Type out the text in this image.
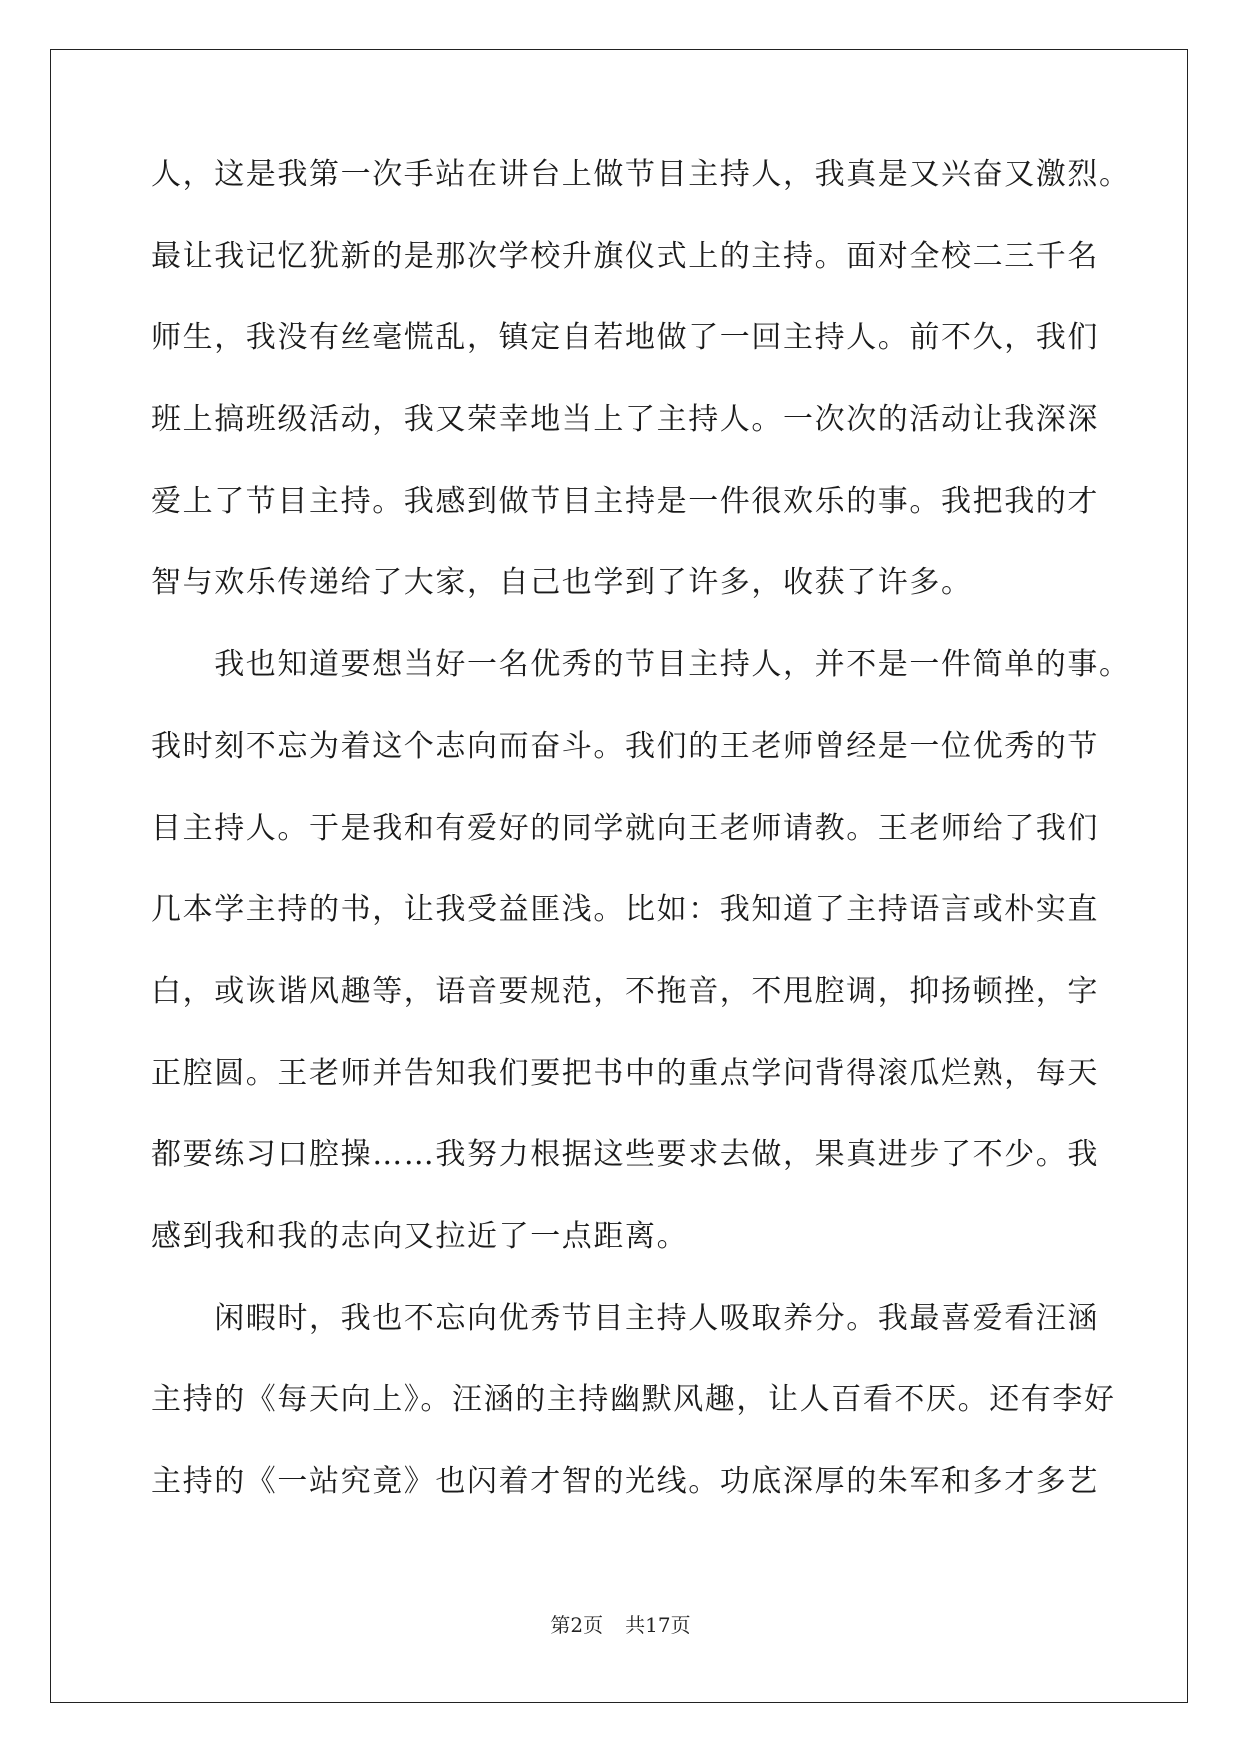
人，这是我第一次手站在讲台上做节目主持人，我真是又兴奋又激烈。
最让我记忆犹新的是那次学校升旗仪式上的主持。面对全校二三千名
师生，我没有丝毫慌乱，镇定自若地做了一回主持人。前不久，我们
班上搞班级活动，我又荣幸地当上了主持人。一次次的活动让我深深
爱上了节目主持。我感到做节目主持是一件很欢乐的事。我把我的才
智与欢乐传递给了大家，自己也学到了许多，收获了许多。
　　我也知道要想当好一名优秀的节目主持人，并不是一件简单的事。
我时刻不忘为着这个志向而奋斗。我们的王老师曾经是一位优秀的节
目主持人。于是我和有爱好的同学就向王老师请教。王老师给了我们
几本学主持的书，让我受益匪浅。比如：我知道了主持语言或朴实直
白，或诙谐风趣等，语音要规范，不拖音，不甩腔调，抑扬顿挫，字
正腔圆。王老师并告知我们要把书中的重点学问背得滚瓜烂熟，每天
都要练习口腔操……我努力根据这些要求去做，果真进步了不少。我
感到我和我的志向又拉近了一点距离。
　　闲暇时，我也不忘向优秀节目主持人吸取养分。我最喜爱看汪涵
主持的《每天向上》。汪涵的主持幽默风趣，让人百看不厌。还有李好
主持的《一站究竟》也闪着才智的光线。功底深厚的朱军和多才多艺
第2页 共17页
